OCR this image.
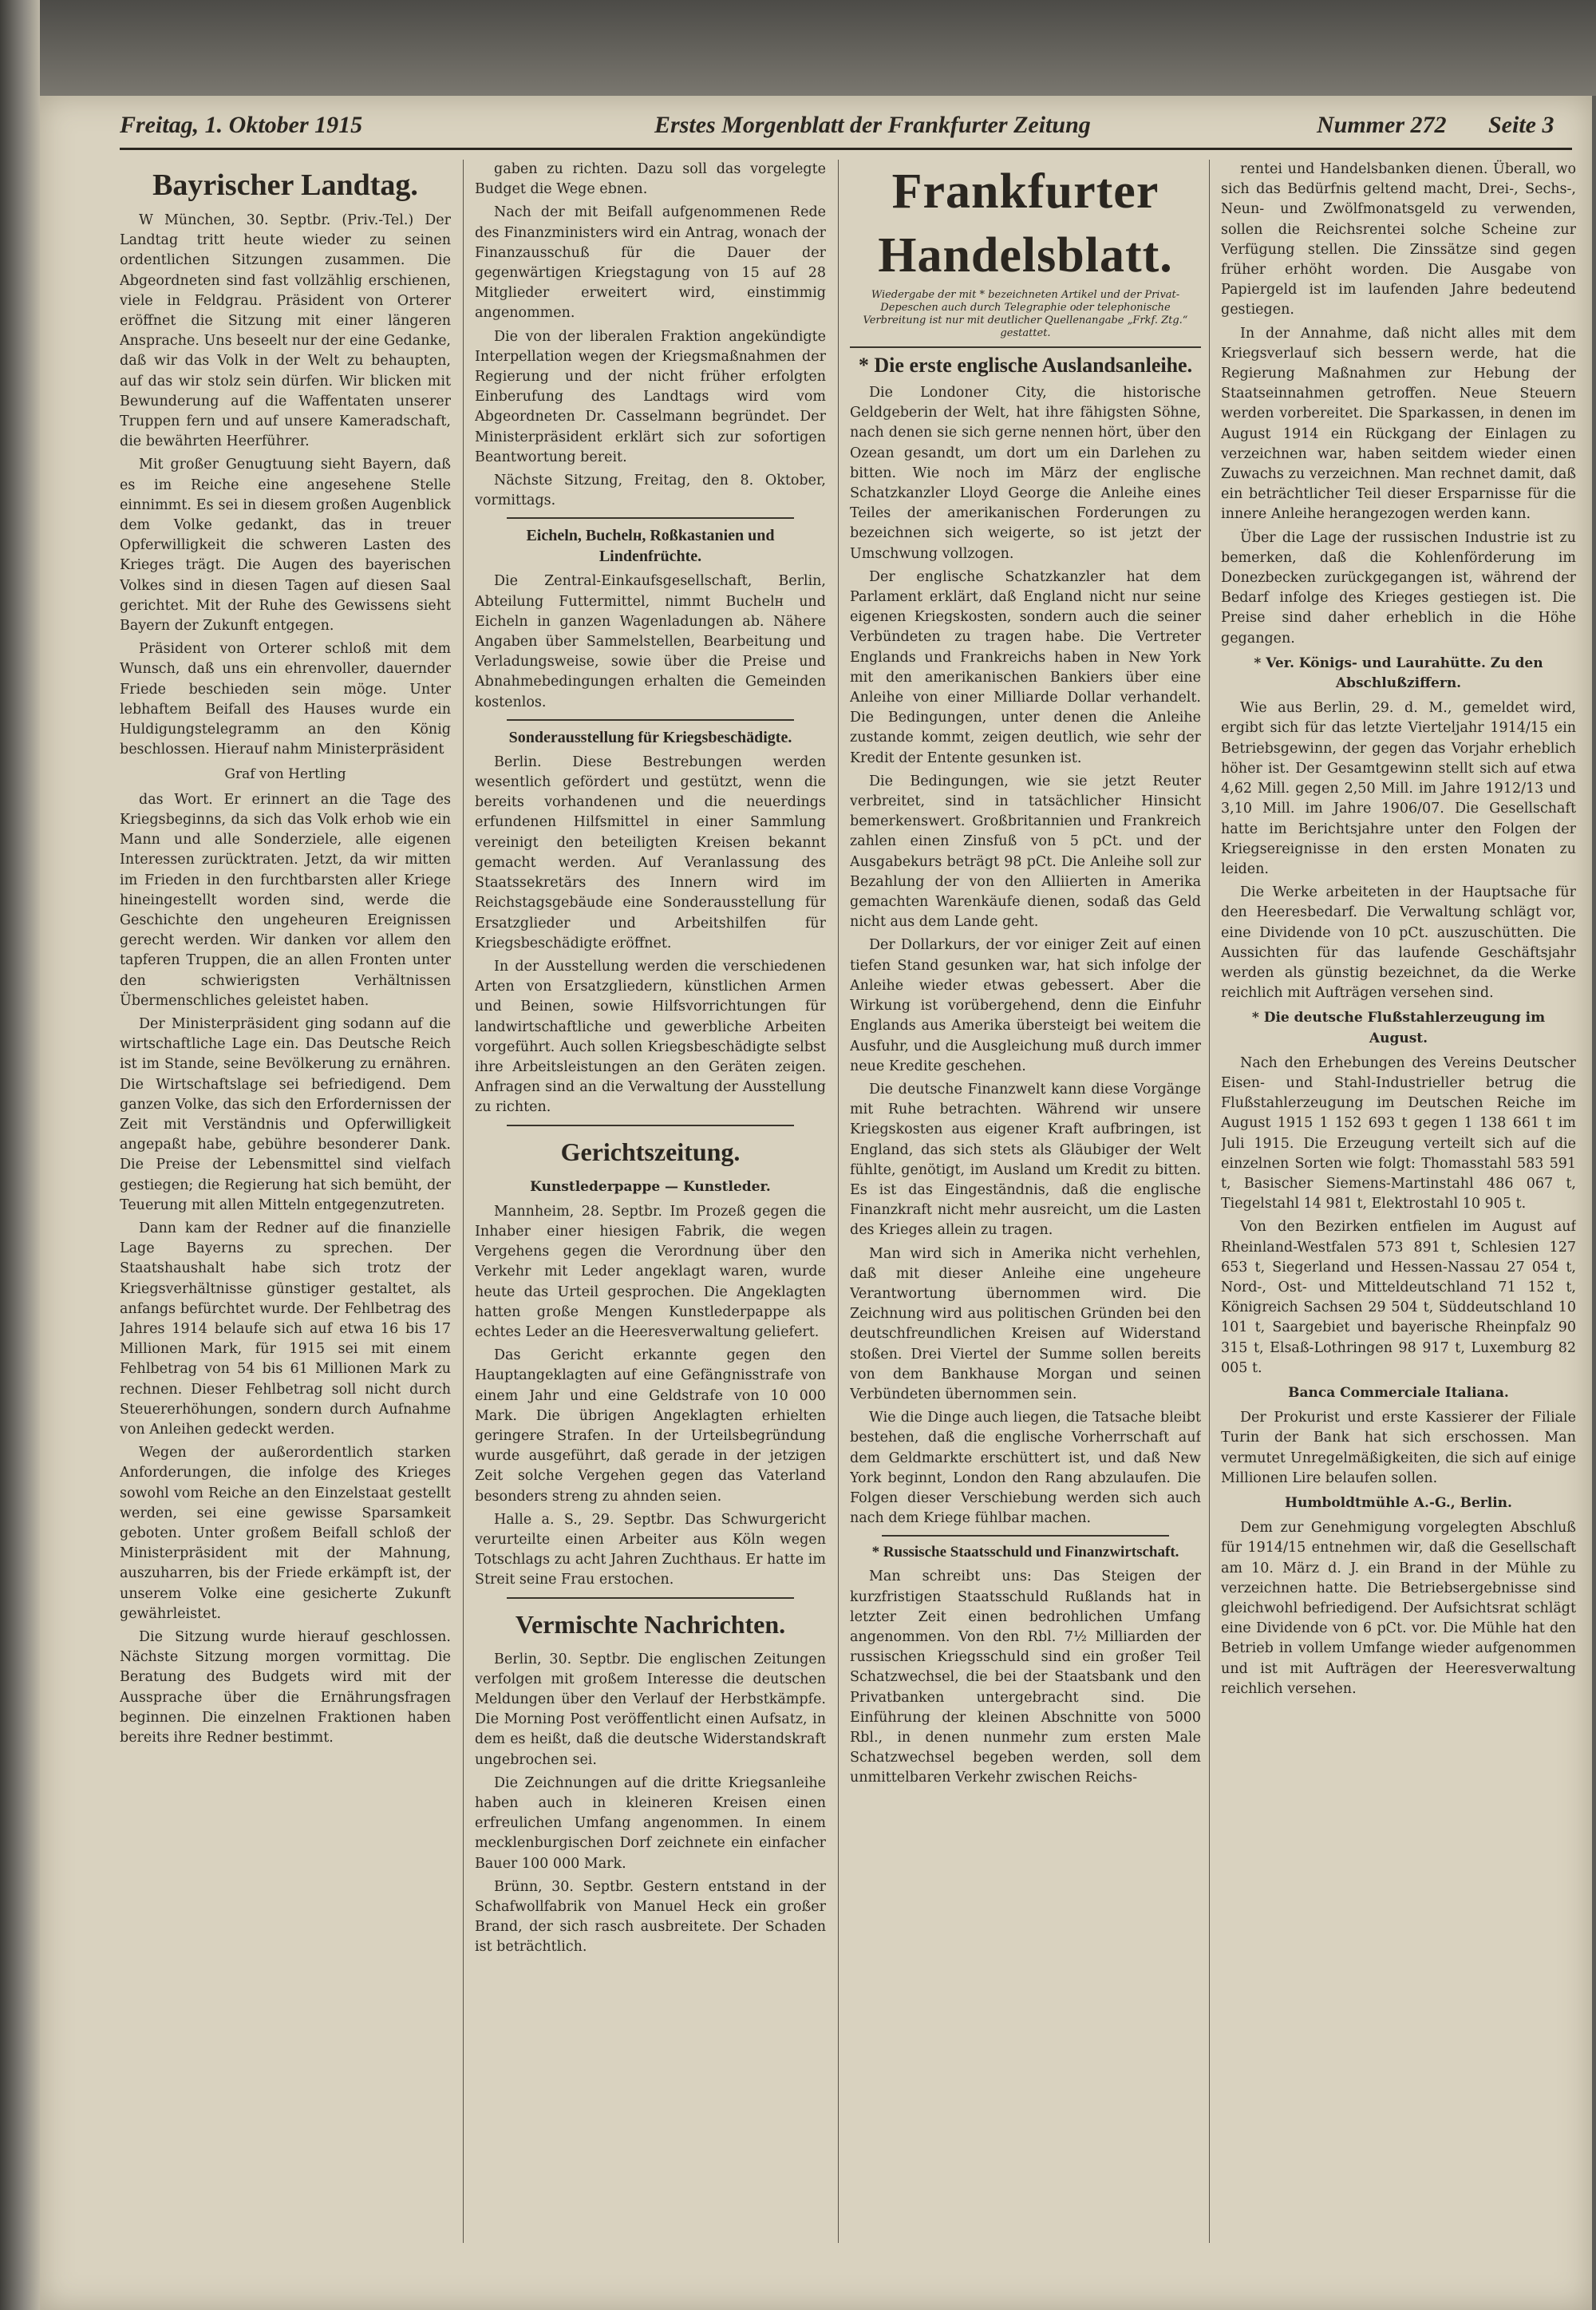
Freitag, 1. Oktober 1915	Erstes Morgenblatt der Frankfurter Zeitung	Nummer 272 Seite 3
Bayrischer Landtag.

W München, 30. Septbr. (Priv.-Tel.) Der Landtag tritt heute wieder zu seinen ordentlichen Sitzungen zusammen. Die Abgeordneten sind fast vollzählig erschienen, viele in Feldgrau. Präsident von Orterer eröffnet die Sitzung mit einer längeren Ansprache. Uns beseelt nur der eine Gedanke, daß wir das Volk in der Welt zu behaupten, auf das wir stolz sein dürfen. Wir blicken mit Bewunderung auf die Waffentaten unserer Truppen fern und auf unsere Kameradschaft, die bewährten Heerführer.

Mit großer Genugtuung sieht Bayern, daß es im Reiche eine angesehene Stelle einnimmt. Es sei in diesem großen Augenblick dem Volke gedankt, das in treuer Opferwilligkeit die schweren Lasten des Krieges trägt. Die Augen des bayerischen Volkes sind in diesen Tagen auf diesen Saal gerichtet. Mit der Ruhe des Gewissens sieht Bayern der Zukunft entgegen.

Präsident von Orterer schloß mit dem Wunsch, daß uns ein ehrenvoller, dauernder Friede beschieden sein möge. Unter lebhaftem Beifall des Hauses wurde ein Huldigungstelegramm an den König beschlossen. Hierauf nahm Ministerpräsident

Graf von Hertling

das Wort. Er erinnert an die Tage des Kriegsbeginns, da sich das Volk erhob wie ein Mann und alle Sonderziele, alle eigenen Interessen zurücktraten. Jetzt, da wir mitten im Frieden in den furchtbarsten aller Kriege hineingestellt worden sind, werde die Geschichte den ungeheuren Ereignissen gerecht werden. Wir danken vor allem den tapferen Truppen, die an allen Fronten unter den schwierigsten Verhältnissen Übermenschliches geleistet haben.

Der Ministerpräsident ging sodann auf die wirtschaftliche Lage ein. Das Deutsche Reich ist im Stande, seine Bevölkerung zu ernähren. Die Wirtschaftslage sei befriedigend. Dem ganzen Volke, das sich den Erfordernissen der Zeit mit Verständnis und Opferwilligkeit angepaßt habe, gebühre besonderer Dank. Die Preise der Lebensmittel sind vielfach gestiegen; die Regierung hat sich bemüht, der Teuerung mit allen Mitteln entgegenzutreten.

Dann kam der Redner auf die finanzielle Lage Bayerns zu sprechen. Der Staatshaushalt habe sich trotz der Kriegsverhältnisse günstiger gestaltet, als anfangs befürchtet wurde. Der Fehlbetrag des Jahres 1914 belaufe sich auf etwa 16 bis 17 Millionen Mark, für 1915 sei mit einem Fehlbetrag von 54 bis 61 Millionen Mark zu rechnen. Dieser Fehlbetrag soll nicht durch Steuererhöhungen, sondern durch Aufnahme von Anleihen gedeckt werden.

Wegen der außerordentlich starken Anforderungen, die infolge des Krieges sowohl vom Reiche an den Einzelstaat gestellt werden, sei eine gewisse Sparsamkeit geboten. Unter großem Beifall schloß der Ministerpräsident mit der Mahnung, auszuharren, bis der Friede erkämpft ist, der unserem Volke eine gesicherte Zukunft gewährleistet.

Die Sitzung wurde hierauf geschlossen. Nächste Sitzung morgen vormittag. Die Beratung des Budgets wird mit der Aussprache über die Ernährungsfragen beginnen. Die einzelnen Fraktionen haben bereits ihre Redner bestimmt.

gaben zu richten. Dazu soll das vorgelegte Budget die Wege ebnen.

Nach der mit Beifall aufgenommenen Rede des Finanzministers wird ein Antrag, wonach der Finanzausschuß für die Dauer der gegenwärtigen Kriegstagung von 15 auf 28 Mitglieder erweitert wird, einstimmig angenommen.

Die von der liberalen Fraktion angekündigte Interpellation wegen der Kriegsmaßnahmen der Regierung und der nicht früher erfolgten Einberufung des Landtags wird vom Abgeordneten Dr. Casselmann begründet. Der Ministerpräsident erklärt sich zur sofortigen Beantwortung bereit.

Nächste Sitzung, Freitag, den 8. Oktober, vormittags.

Eicheln, Buchelн, Roßkastanien und Lindenfrüchte.

Die Zentral-Einkaufsgesellschaft, Berlin, Abteilung Futtermittel, nimmt Buchelн und Eicheln in ganzen Wagenladungen ab. Nähere Angaben über Sammelstellen, Bearbeitung und Verladungsweise, sowie über die Preise und Abnahmebedingungen erhalten die Gemeinden kostenlos.

Sonderausstellung für Kriegsbeschädigte.

Berlin. Diese Bestrebungen werden wesentlich gefördert und gestützt, wenn die bereits vorhandenen und die neuerdings erfundenen Hilfsmittel in einer Sammlung vereinigt den beteiligten Kreisen bekannt gemacht werden. Auf Veranlassung des Staatssekretärs des Innern wird im Reichstagsgebäude eine Sonderausstellung für Ersatzglieder und Arbeitshilfen für Kriegsbeschädigte eröffnet.

In der Ausstellung werden die verschiedenen Arten von Ersatzgliedern, künstlichen Armen und Beinen, sowie Hilfsvorrichtungen für landwirtschaftliche und gewerbliche Arbeiten vorgeführt. Auch sollen Kriegsbeschädigte selbst ihre Arbeitsleistungen an den Geräten zeigen. Anfragen sind an die Verwaltung der Ausstellung zu richten.

Gerichtszeitung.
Kunstlederpappe — Kunstleder.

Mannheim, 28. Septbr. Im Prozeß gegen die Inhaber einer hiesigen Fabrik, die wegen Vergehens gegen die Verordnung über den Verkehr mit Leder angeklagt waren, wurde heute das Urteil gesprochen. Die Angeklagten hatten große Mengen Kunstlederpappe als echtes Leder an die Heeresverwaltung geliefert.

Das Gericht erkannte gegen den Hauptangeklagten auf eine Gefängnisstrafe von einem Jahr und eine Geldstrafe von 10 000 Mark. Die übrigen Angeklagten erhielten geringere Strafen. In der Urteilsbegründung wurde ausgeführt, daß gerade in der jetzigen Zeit solche Vergehen gegen das Vaterland besonders streng zu ahnden seien.

Halle a. S., 29. Septbr. Das Schwurgericht verurteilte einen Arbeiter aus Köln wegen Totschlags zu acht Jahren Zuchthaus. Er hatte im Streit seine Frau erstochen.

Vermischte Nachrichten.

Berlin, 30. Septbr. Die englischen Zeitungen verfolgen mit großem Interesse die deutschen Meldungen über den Verlauf der Herbstkämpfe. Die Morning Post veröffentlicht einen Aufsatz, in dem es heißt, daß die deutsche Widerstandskraft ungebrochen sei.

Die Zeichnungen auf die dritte Kriegsanleihe haben auch in kleineren Kreisen einen erfreulichen Umfang angenommen. In einem mecklenburgischen Dorf zeichnete ein einfacher Bauer 100 000 Mark.

Brünn, 30. Septbr. Gestern entstand in der Schafwollfabrik von Manuel Heck ein großer Brand, der sich rasch ausbreitete. Der Schaden ist beträchtlich.

Frankfurter Handelsblatt.
Wiedergabe der mit * bezeichneten Artikel und der Privat-Depeschen auch durch Telegraphie oder telephonische Verbreitung ist nur mit deutlicher Quellenangabe „Frkf. Ztg.“ gestattet.
* Die erste englische Auslandsanleihe.

Die Londoner City, die historische Geldgeberin der Welt, hat ihre fähigsten Söhne, nach denen sie sich gerne nennen hört, über den Ozean gesandt, um dort um ein Darlehen zu bitten. Wie noch im März der englische Schatzkanzler Lloyd George die Anleihe eines Teiles der amerikanischen Forderungen zu bezeichnen sich weigerte, so ist jetzt der Umschwung vollzogen.

Der englische Schatzkanzler hat dem Parlament erklärt, daß England nicht nur seine eigenen Kriegskosten, sondern auch die seiner Verbündeten zu tragen habe. Die Vertreter Englands und Frankreichs haben in New York mit den amerikanischen Bankiers über eine Anleihe von einer Milliarde Dollar verhandelt. Die Bedingungen, unter denen die Anleihe zustande kommt, zeigen deutlich, wie sehr der Kredit der Entente gesunken ist.

Die Bedingungen, wie sie jetzt Reuter verbreitet, sind in tatsächlicher Hinsicht bemerkenswert. Großbritannien und Frankreich zahlen einen Zinsfuß von 5 pCt. und der Ausgabekurs beträgt 98 pCt. Die Anleihe soll zur Bezahlung der von den Alliierten in Amerika gemachten Warenkäufe dienen, sodaß das Geld nicht aus dem Lande geht.

Der Dollarkurs, der vor einiger Zeit auf einen tiefen Stand gesunken war, hat sich infolge der Anleihe wieder etwas gebessert. Aber die Wirkung ist vorübergehend, denn die Einfuhr Englands aus Amerika übersteigt bei weitem die Ausfuhr, und die Ausgleichung muß durch immer neue Kredite geschehen.

Die deutsche Finanzwelt kann diese Vorgänge mit Ruhe betrachten. Während wir unsere Kriegskosten aus eigener Kraft aufbringen, ist England, das sich stets als Gläubiger der Welt fühlte, genötigt, im Ausland um Kredit zu bitten. Es ist das Eingeständnis, daß die englische Finanzkraft nicht mehr ausreicht, um die Lasten des Krieges allein zu tragen.

Man wird sich in Amerika nicht verhehlen, daß mit dieser Anleihe eine ungeheure Verantwortung übernommen wird. Die Zeichnung wird aus politischen Gründen bei den deutschfreundlichen Kreisen auf Widerstand stoßen. Drei Viertel der Summe sollen bereits von dem Bankhause Morgan und seinen Verbündeten übernommen sein.

Wie die Dinge auch liegen, die Tatsache bleibt bestehen, daß die englische Vorherrschaft auf dem Geldmarkte erschüttert ist, und daß New York beginnt, London den Rang abzulaufen. Die Folgen dieser Verschiebung werden sich auch nach dem Kriege fühlbar machen.

* Russische Staatsschuld und Finanzwirtschaft.

Man schreibt uns: Das Steigen der kurzfristigen Staatsschuld Rußlands hat in letzter Zeit einen bedrohlichen Umfang angenommen. Von den Rbl. 7½ Milliarden der russischen Kriegsschuld sind ein großer Teil Schatzwechsel, die bei der Staatsbank und den Privatbanken untergebracht sind. Die Einführung der kleinen Abschnitte von 5000 Rbl., in denen nunmehr zum ersten Male Schatzwechsel begeben werden, soll dem unmittelbaren Verkehr zwischen Reichs-

rentei und Handelsbanken dienen. Überall, wo sich das Bedürfnis geltend macht, Drei-, Sechs-, Neun- und Zwölfmonatsgeld zu verwenden, sollen die Reichsrentei solche Scheine zur Verfügung stellen. Die Zinssätze sind gegen früher erhöht worden. Die Ausgabe von Papiergeld ist im laufenden Jahre bedeutend gestiegen.

In der Annahme, daß nicht alles mit dem Kriegsverlauf sich bessern werde, hat die Regierung Maßnahmen zur Hebung der Staatseinnahmen getroffen. Neue Steuern werden vorbereitet. Die Sparkassen, in denen im August 1914 ein Rückgang der Einlagen zu verzeichnen war, haben seitdem wieder einen Zuwachs zu verzeichnen. Man rechnet damit, daß ein beträchtlicher Teil dieser Ersparnisse für die innere Anleihe herangezogen werden kann.

Über die Lage der russischen Industrie ist zu bemerken, daß die Kohlenförderung im Donezbecken zurückgegangen ist, während der Bedarf infolge des Krieges gestiegen ist. Die Preise sind daher erheblich in die Höhe gegangen.

* Ver. Königs- und Laurahütte. Zu den Abschlußziffern.

Wie aus Berlin, 29. d. M., gemeldet wird, ergibt sich für das letzte Vierteljahr 1914/15 ein Betriebsgewinn, der gegen das Vorjahr erheblich höher ist. Der Gesamtgewinn stellt sich auf etwa 4,62 Mill. gegen 2,50 Mill. im Jahre 1912/13 und 3,10 Mill. im Jahre 1906/07. Die Gesellschaft hatte im Berichtsjahre unter den Folgen der Kriegsereignisse in den ersten Monaten zu leiden.

Die Werke arbeiteten in der Hauptsache für den Heeresbedarf. Die Verwaltung schlägt vor, eine Dividende von 10 pCt. auszuschütten. Die Aussichten für das laufende Geschäftsjahr werden als günstig bezeichnet, da die Werke reichlich mit Aufträgen versehen sind.

* Die deutsche Flußstahlerzeugung im August.

Nach den Erhebungen des Vereins Deutscher Eisen- und Stahl-Industrieller betrug die Flußstahlerzeugung im Deutschen Reiche im August 1915 1 152 693 t gegen 1 138 661 t im Juli 1915. Die Erzeugung verteilt sich auf die einzelnen Sorten wie folgt: Thomasstahl 583 591 t, Basischer Siemens-Martinstahl 486 067 t, Tiegelstahl 14 981 t, Elektrostahl 10 905 t.

Von den Bezirken entfielen im August auf Rheinland-Westfalen 573 891 t, Schlesien 127 653 t, Siegerland und Hessen-Nassau 27 054 t, Nord-, Ost- und Mitteldeutschland 71 152 t, Königreich Sachsen 29 504 t, Süddeutschland 10 101 t, Saargebiet und bayerische Rheinpfalz 90 315 t, Elsaß-Lothringen 98 917 t, Luxemburg 82 005 t.

Banca Commerciale Italiana.

Der Prokurist und erste Kassierer der Filiale Turin der Bank hat sich erschossen. Man vermutet Unregelmäßigkeiten, die sich auf einige Millionen Lire belaufen sollen.

Humboldtmühle A.-G., Berlin.

Dem zur Genehmigung vorgelegten Abschluß für 1914/15 entnehmen wir, daß die Gesellschaft am 10. März d. J. ein Brand in der Mühle zu verzeichnen hatte. Die Betriebsergebnisse sind gleichwohl befriedigend. Der Aufsichtsrat schlägt eine Dividende von 6 pCt. vor. Die Mühle hat den Betrieb in vollem Umfange wieder aufgenommen und ist mit Aufträgen der Heeresverwaltung reichlich versehen.
